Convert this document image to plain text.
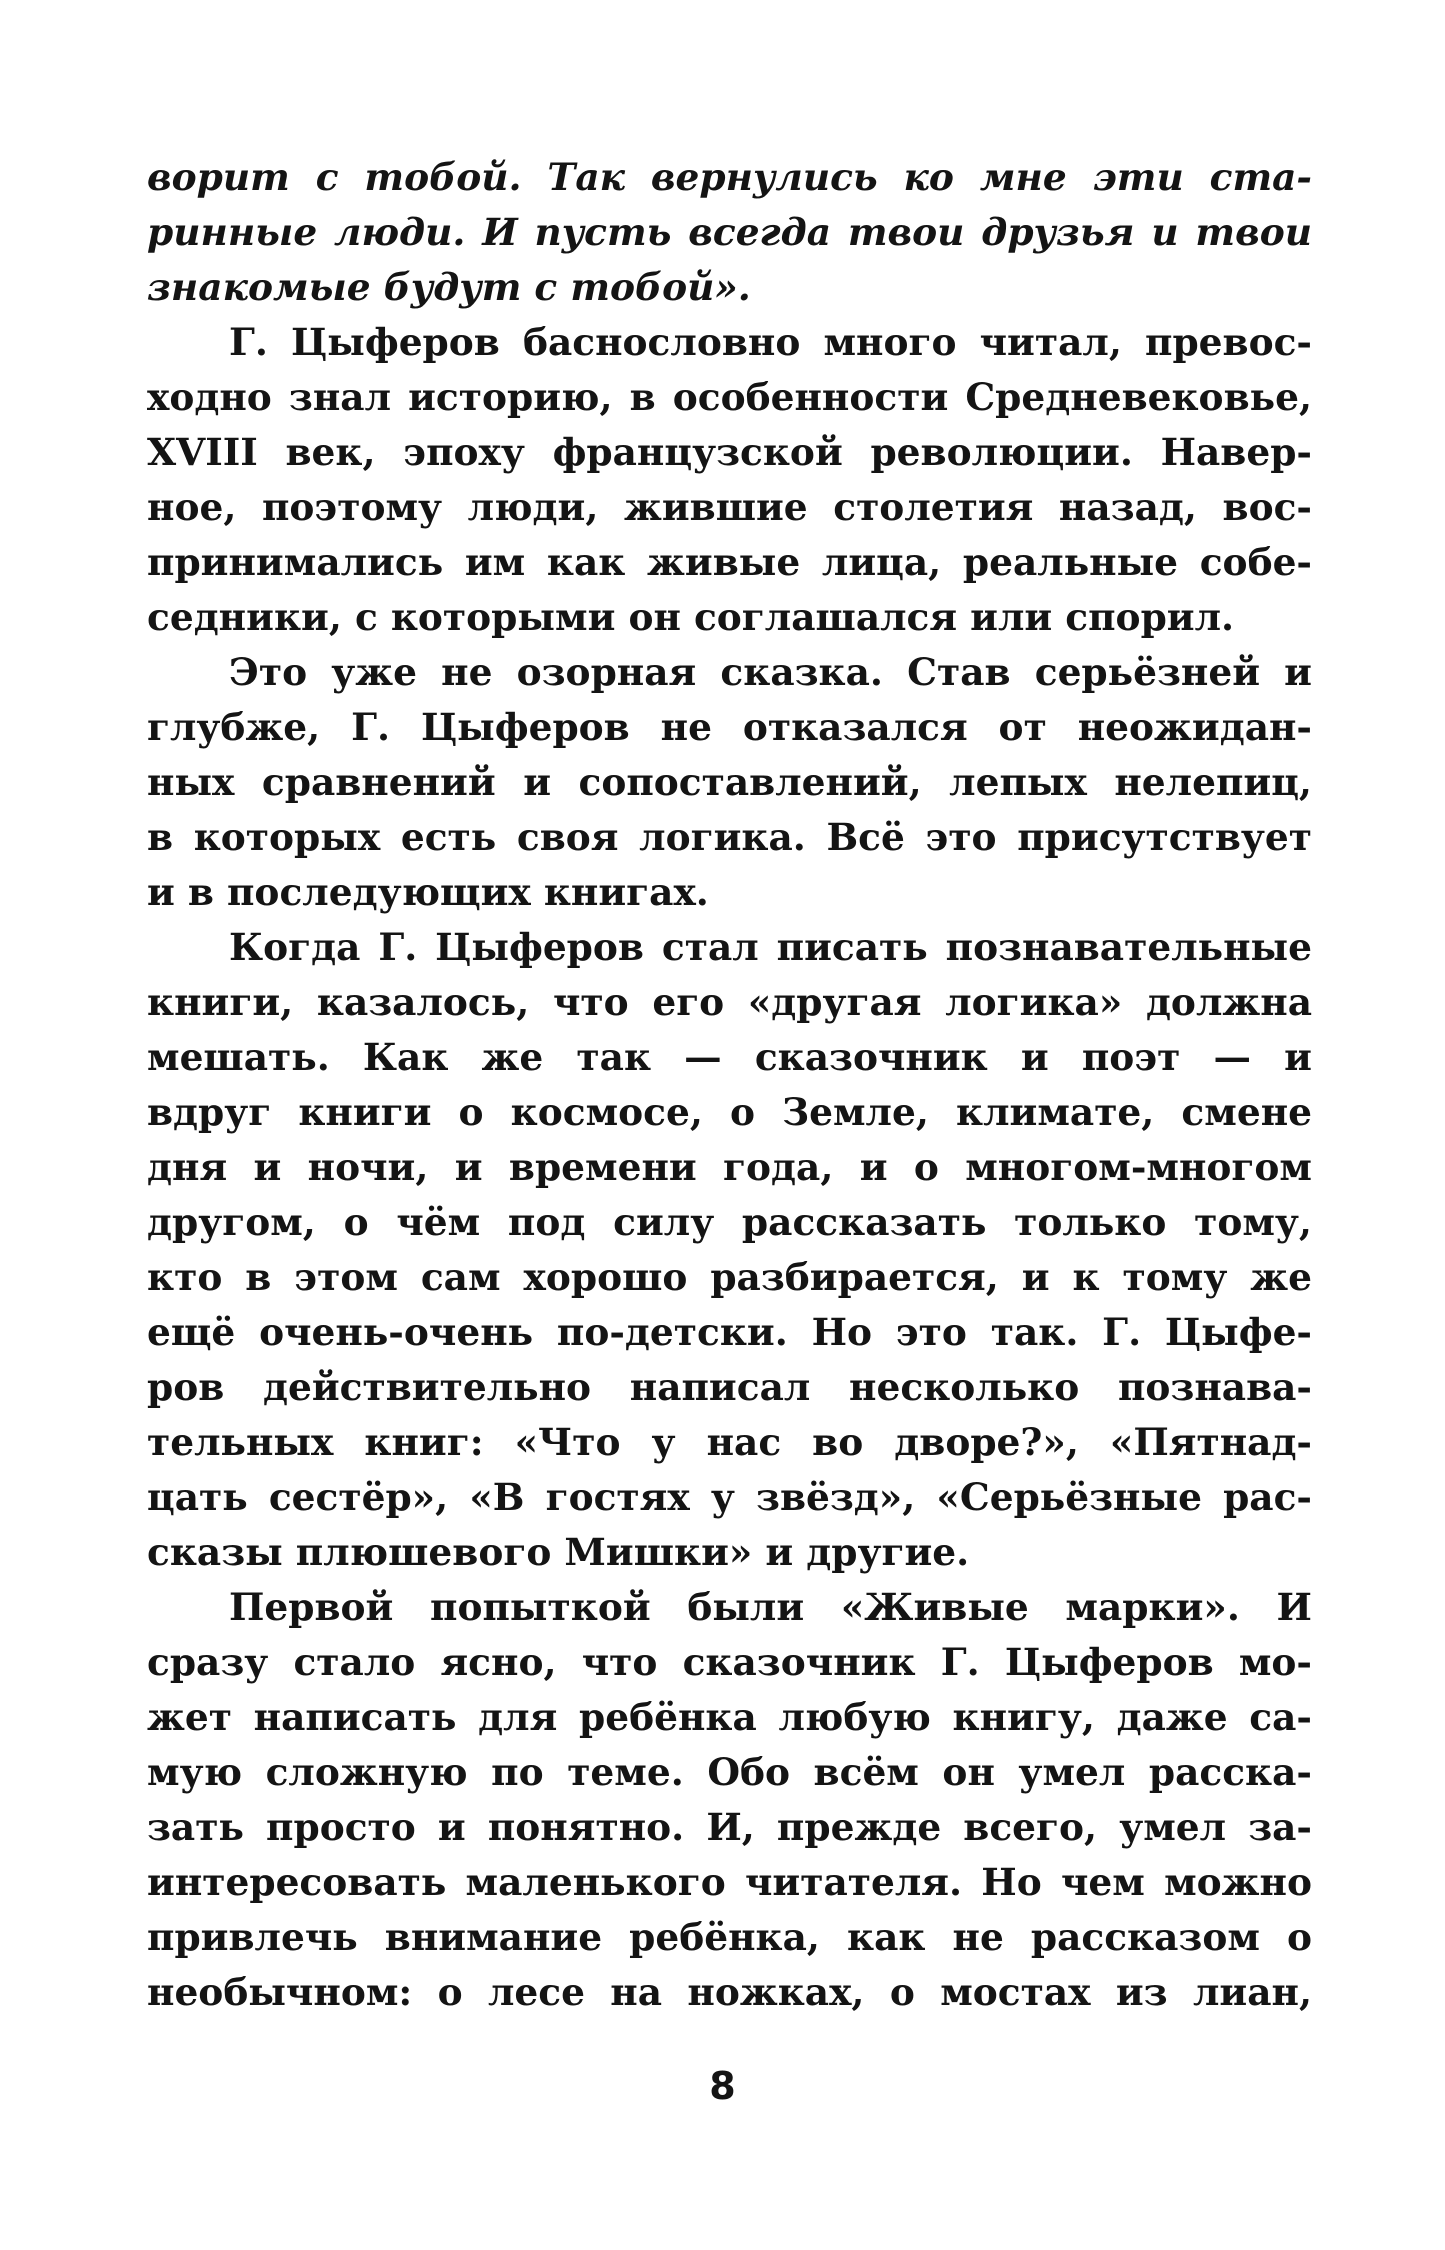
ворит с тобой. Так вернулись ко мне эти ста-
ринные люди. И пусть всегда твои друзья и твои
знакомые будут с тобой».
Г. Цыферов баснословно много читал, превос-
ходно знал историю, в особенности Средневековье,
XVIII век, эпоху французской революции. Навер-
ное, поэтому люди, жившие столетия назад, вос-
принимались им как живые лица, реальные собе-
седники, с которыми он соглашался или спорил.
Это уже не озорная сказка. Став серьёзней и
глубже, Г. Цыферов не отказался от неожидан-
ных сравнений и сопоставлений, лепых нелепиц,
в которых есть своя логика. Всё это присутствует
и в последующих книгах.
Когда Г. Цыферов стал писать познавательные
книги, казалось, что его «другая логика» должна
мешать. Как же так — сказочник и поэт — и
вдруг книги о космосе, о Земле, климате, смене
дня и ночи, и времени года, и о многом-многом
другом, о чём под силу рассказать только тому,
кто в этом сам хорошо разбирается, и к тому же
ещё очень-очень по-детски. Но это так. Г. Цыфе-
ров действительно написал несколько познава-
тельных книг: «Что у нас во дворе?», «Пятнад-
цать сестёр», «В гостях у звёзд», «Серьёзные рас-
сказы плюшевого Мишки» и другие.
Первой попыткой были «Живые марки». И
сразу стало ясно, что сказочник Г. Цыферов мо-
жет написать для ребёнка любую книгу, даже са-
мую сложную по теме. Обо всём он умел расска-
зать просто и понятно. И, прежде всего, умел за-
интересовать маленького читателя. Но чем можно
привлечь внимание ребёнка, как не рассказом о
необычном: о лесе на ножках, о мостах из лиан,
8
